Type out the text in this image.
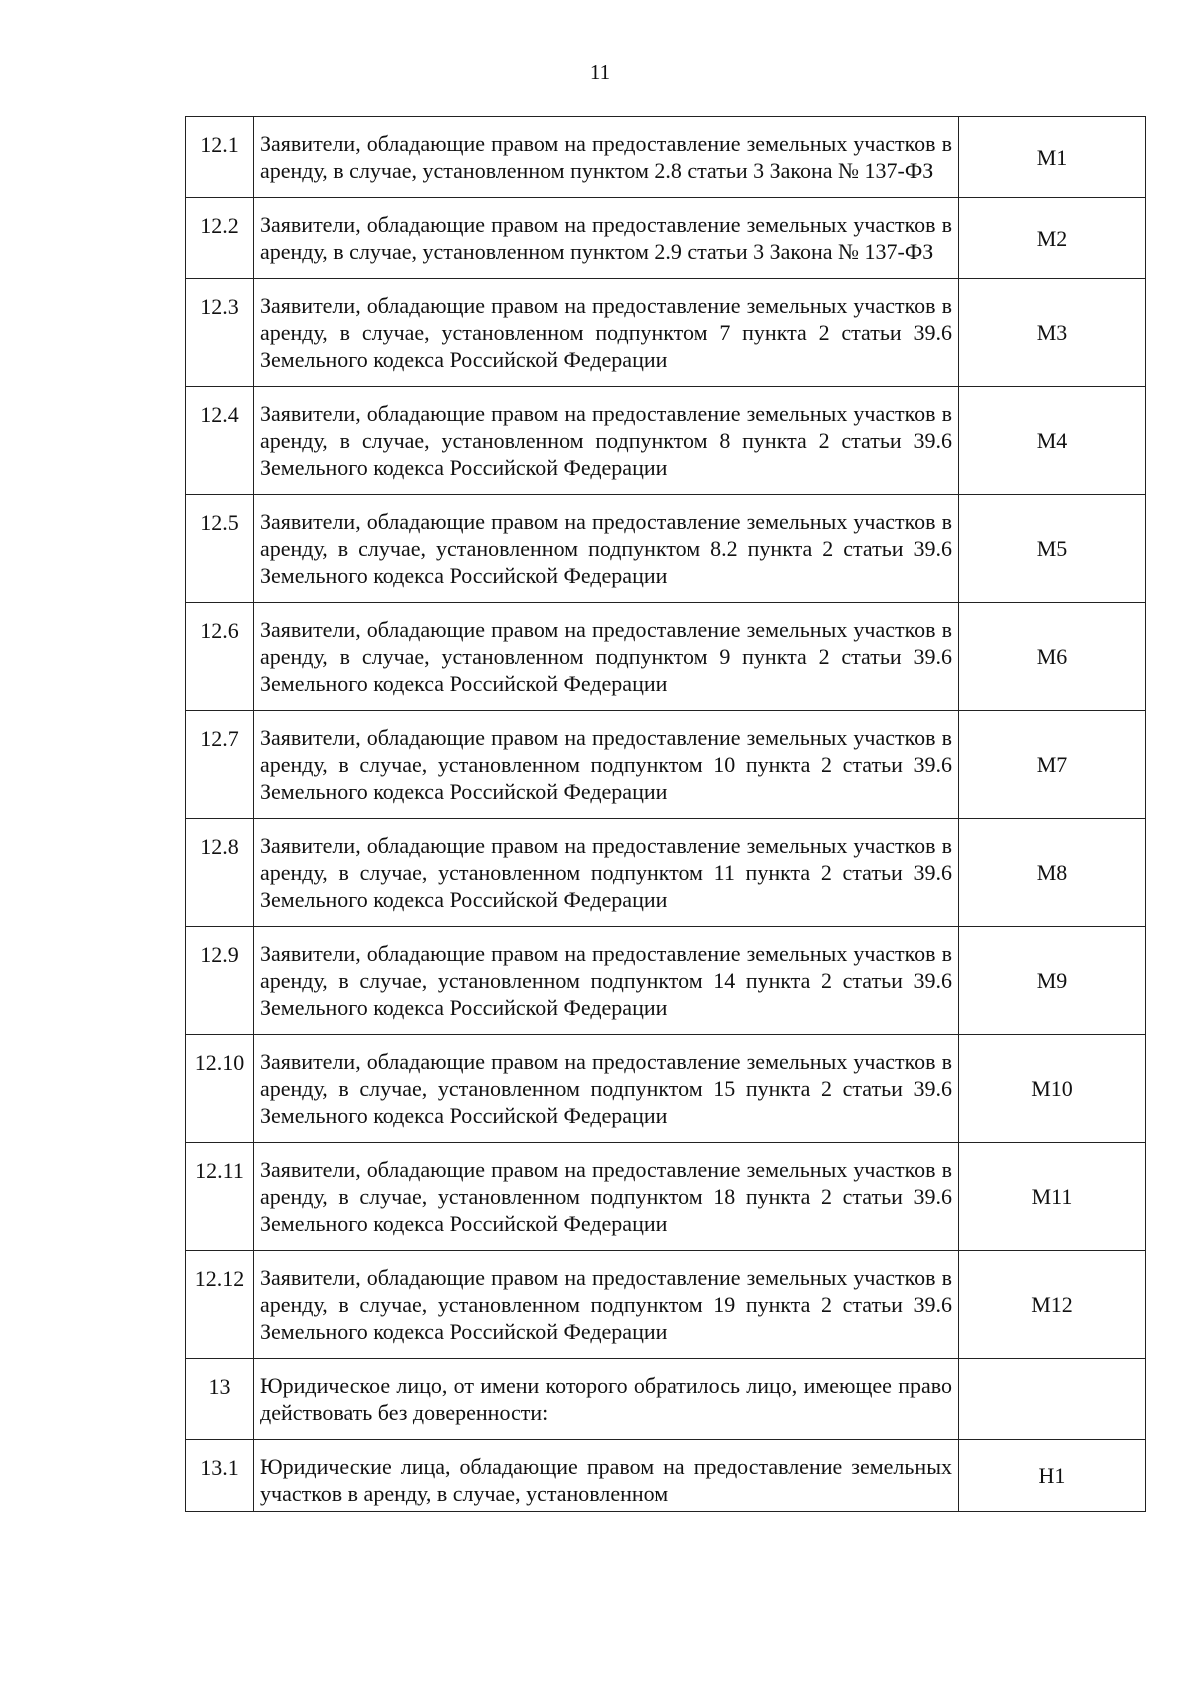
11
12.1	Заявители, обладающие правом на предоставление земельных участков в аренду, в случае, установленном пунктом 2.8 статьи 3 Закона № 137-ФЗ	М1
12.2	Заявители, обладающие правом на предоставление земельных участков в аренду, в случае, установленном пунктом 2.9 статьи 3 Закона № 137-ФЗ	М2
12.3	Заявители, обладающие правом на предоставление земельных участков в аренду, в случае, установленном подпунктом 7 пункта 2 статьи 39.6 Земельного кодекса Российской Федерации	М3
12.4	Заявители, обладающие правом на предоставление земельных участков в аренду, в случае, установленном подпунктом 8 пункта 2 статьи 39.6 Земельного кодекса Российской Федерации	М4
12.5	Заявители, обладающие правом на предоставление земельных участков в аренду, в случае, установленном подпунктом 8.2 пункта 2 статьи 39.6 Земельного кодекса Российской Федерации	М5
12.6	Заявители, обладающие правом на предоставление земельных участков в аренду, в случае, установленном подпунктом 9 пункта 2 статьи 39.6 Земельного кодекса Российской Федерации	М6
12.7	Заявители, обладающие правом на предоставление земельных участков в аренду, в случае, установленном подпунктом 10 пункта 2 статьи 39.6 Земельного кодекса Российской Федерации	М7
12.8	Заявители, обладающие правом на предоставление земельных участков в аренду, в случае, установленном подпунктом 11 пункта 2 статьи 39.6 Земельного кодекса Российской Федерации	М8
12.9	Заявители, обладающие правом на предоставление земельных участков в аренду, в случае, установленном подпунктом 14 пункта 2 статьи 39.6 Земельного кодекса Российской Федерации	М9
12.10	Заявители, обладающие правом на предоставление земельных участков в аренду, в случае, установленном подпунктом 15 пункта 2 статьи 39.6 Земельного кодекса Российской Федерации	М10
12.11	Заявители, обладающие правом на предоставление земельных участков в аренду, в случае, установленном подпунктом 18 пункта 2 статьи 39.6 Земельного кодекса Российской Федерации	М11
12.12	Заявители, обладающие правом на предоставление земельных участков в аренду, в случае, установленном подпунктом 19 пункта 2 статьи 39.6 Земельного кодекса Российской Федерации	М12
13	Юридическое лицо, от имени которого обратилось лицо, имеющее право действовать без доверенности:	
13.1	Юридические лица, обладающие правом на предоставление земельных участков в аренду, в случае, установленном	Н1
